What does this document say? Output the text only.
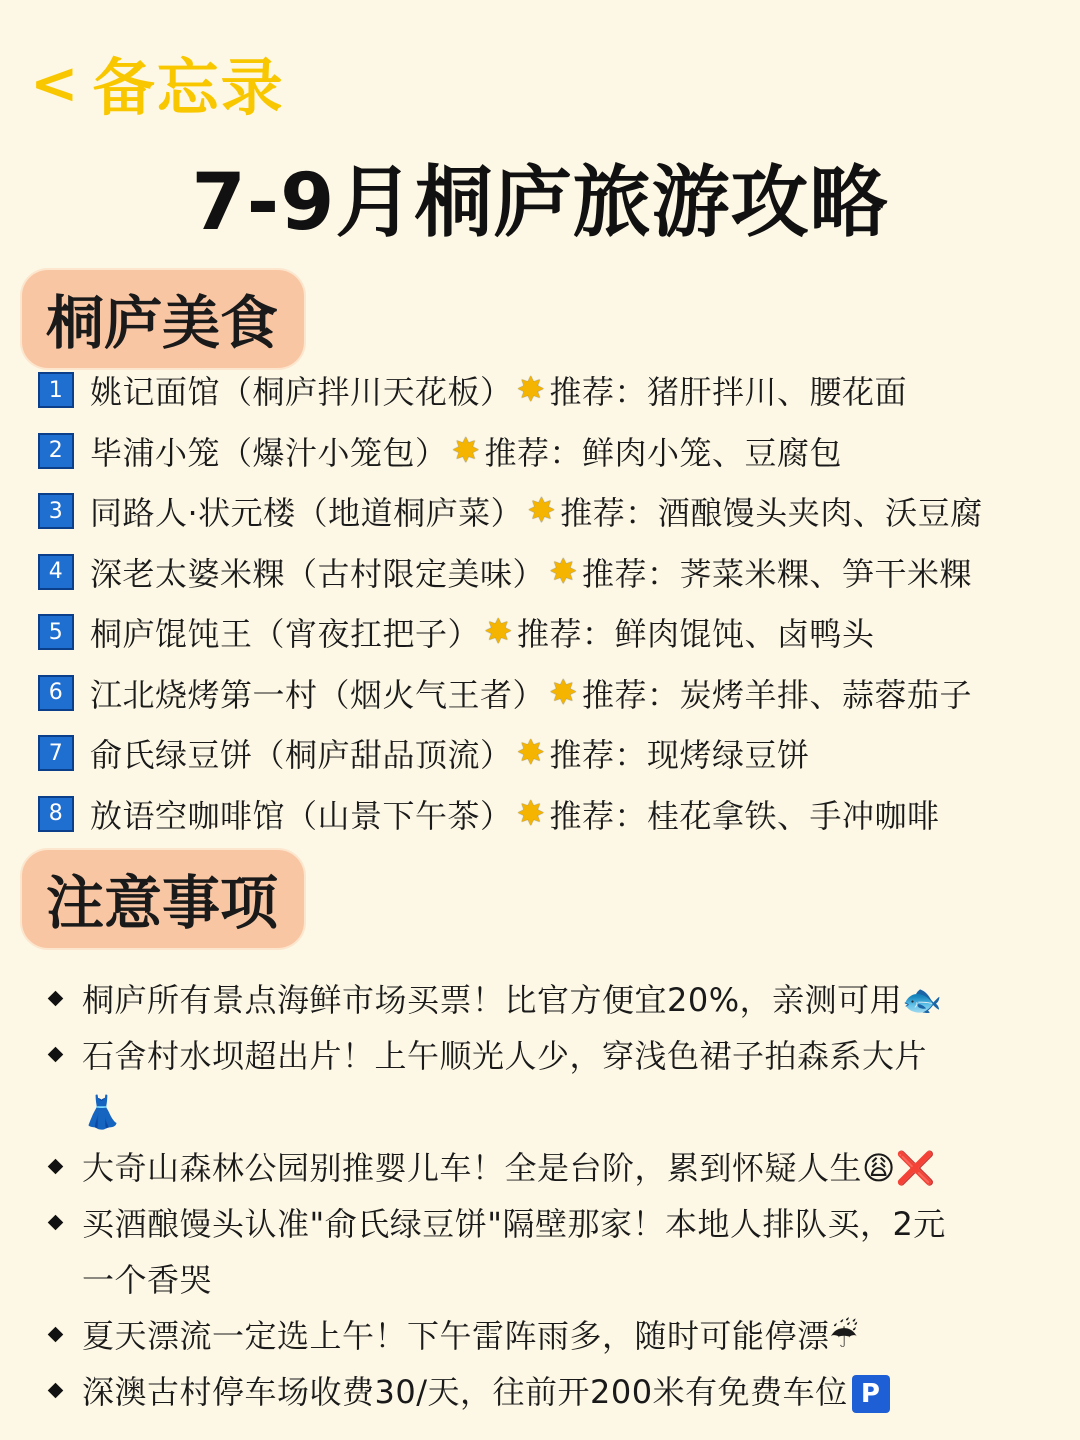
< 备忘录
7-9月桐庐旅游攻略
桐庐美食
1 姚记面馆（桐庐拌川天花板） ✸ 推荐：猪肝拌川、腰花面
2 毕浦小笼（爆汁小笼包） ✸ 推荐：鲜肉小笼、豆腐包
3 同路人·状元楼（地道桐庐菜） ✸ 推荐：酒酿馒头夹肉、沃豆腐
4 深老太婆米粿（古村限定美味） ✸ 推荐：荠菜米粿、笋干米粿
5 桐庐馄饨王（宵夜扛把子） ✸ 推荐：鲜肉馄饨、卤鸭头
6 江北烧烤第一村（烟火气王者） ✸ 推荐：炭烤羊排、蒜蓉茄子
7 俞氏绿豆饼（桐庐甜品顶流） ✸ 推荐：现烤绿豆饼
8 放语空咖啡馆（山景下午茶） ✸ 推荐：桂花拿铁、手冲咖啡
注意事项
桐庐所有景点海鲜市场买票！比官方便宜20%，亲测可用🐟
石舍村水坝超出片！上午顺光人少，穿浅色裙子拍森系大片
👗
大奇山森林公园别推婴儿车！全是台阶，累到怀疑人生😩❌
买酒酿馒头认准"俞氏绿豆饼"隔壁那家！本地人排队买，2元
一个香哭
夏天漂流一定选上午！下午雷阵雨多，随时可能停漂☔
深澳古村停车场收费30/天，往前开200米有免费车位 P
